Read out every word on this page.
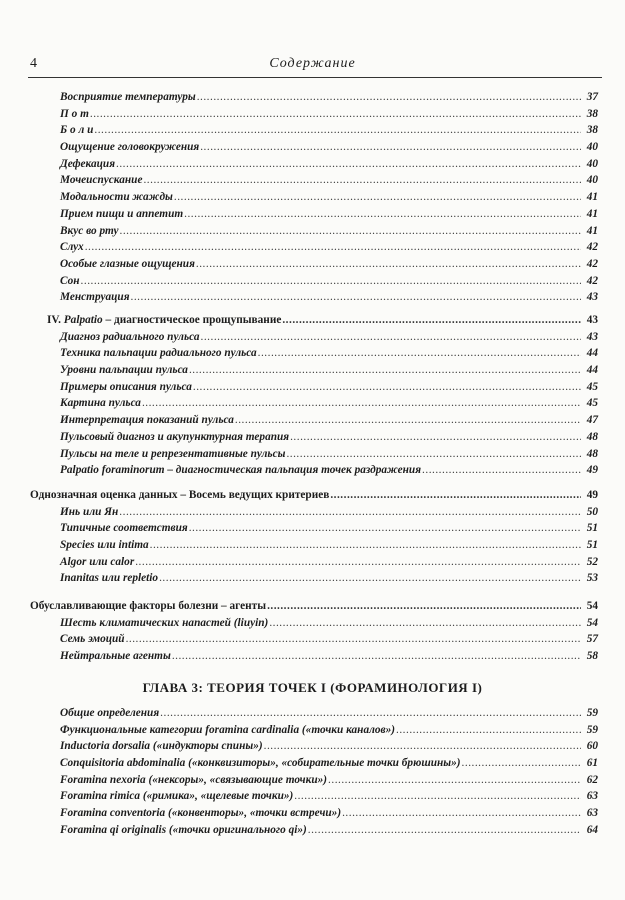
4	Содержание
Восприятие температуры .....	37
П о т .....	38
Б о л и .....	38
Ощущение головокружения .....	40
Дефекация .....	40
Мочеиспускание .....	40
Модальности жажды .....	41
Прием пищи и аппетит .....	41
Вкус во рту .....	41
Слух .....	42
Особые глазные ощущения .....	42
Сон .....	42
Менструация .....	43
IV. Palpatio – диагностическое прощупывание .....	43
Диагноз радиального пульса .....	43
Техника пальпации радиального пульса .....	44
Уровни пальпации пульса .....	44
Примеры описания пульса .....	45
Картина пульса .....	45
Интерпретация показаний пульса .....	47
Пульсовый диагноз и акупунктурная терапия .....	48
Пульсы на теле и репрезентативные пульсы .....	48
Palpatio foraminorum – диагностическая пальпация точек раздражения .....	49
Однозначная оценка данных – Восемь ведущих критериев .....	49
Инь или Ян .....	50
Типичные соответствия .....	51
Species или intima .....	51
Algor или calor .....	52
Inanitas или repletio .....	53
Обуславливающие факторы болезни – агенты .....	54
Шесть климатических напастей (liuyin) .....	54
Семь эмоций .....	57
Нейтральные агенты .....	58
ГЛАВА 3: ТЕОРИЯ ТОЧЕК I (ФОРАМИНОЛОГИЯ I)
Общие определения .....	59
Функциональные категории foramina cardinalia («точки каналов») .....	59
Inductoria dorsalia («индукторы спины») .....	60
Conquisitoria abdominalia («конквизиторы», «собирательные точки брюшины») .....	61
Foramina nexoria («нексоры», «связывающие точки») .....	62
Foramina rimica («римика», «щелевые точки») .....	63
Foramina conventoria («конвенторы», «точки встречи») .....	63
Foramina qi originalis («точки оригинального qi») .....	64
